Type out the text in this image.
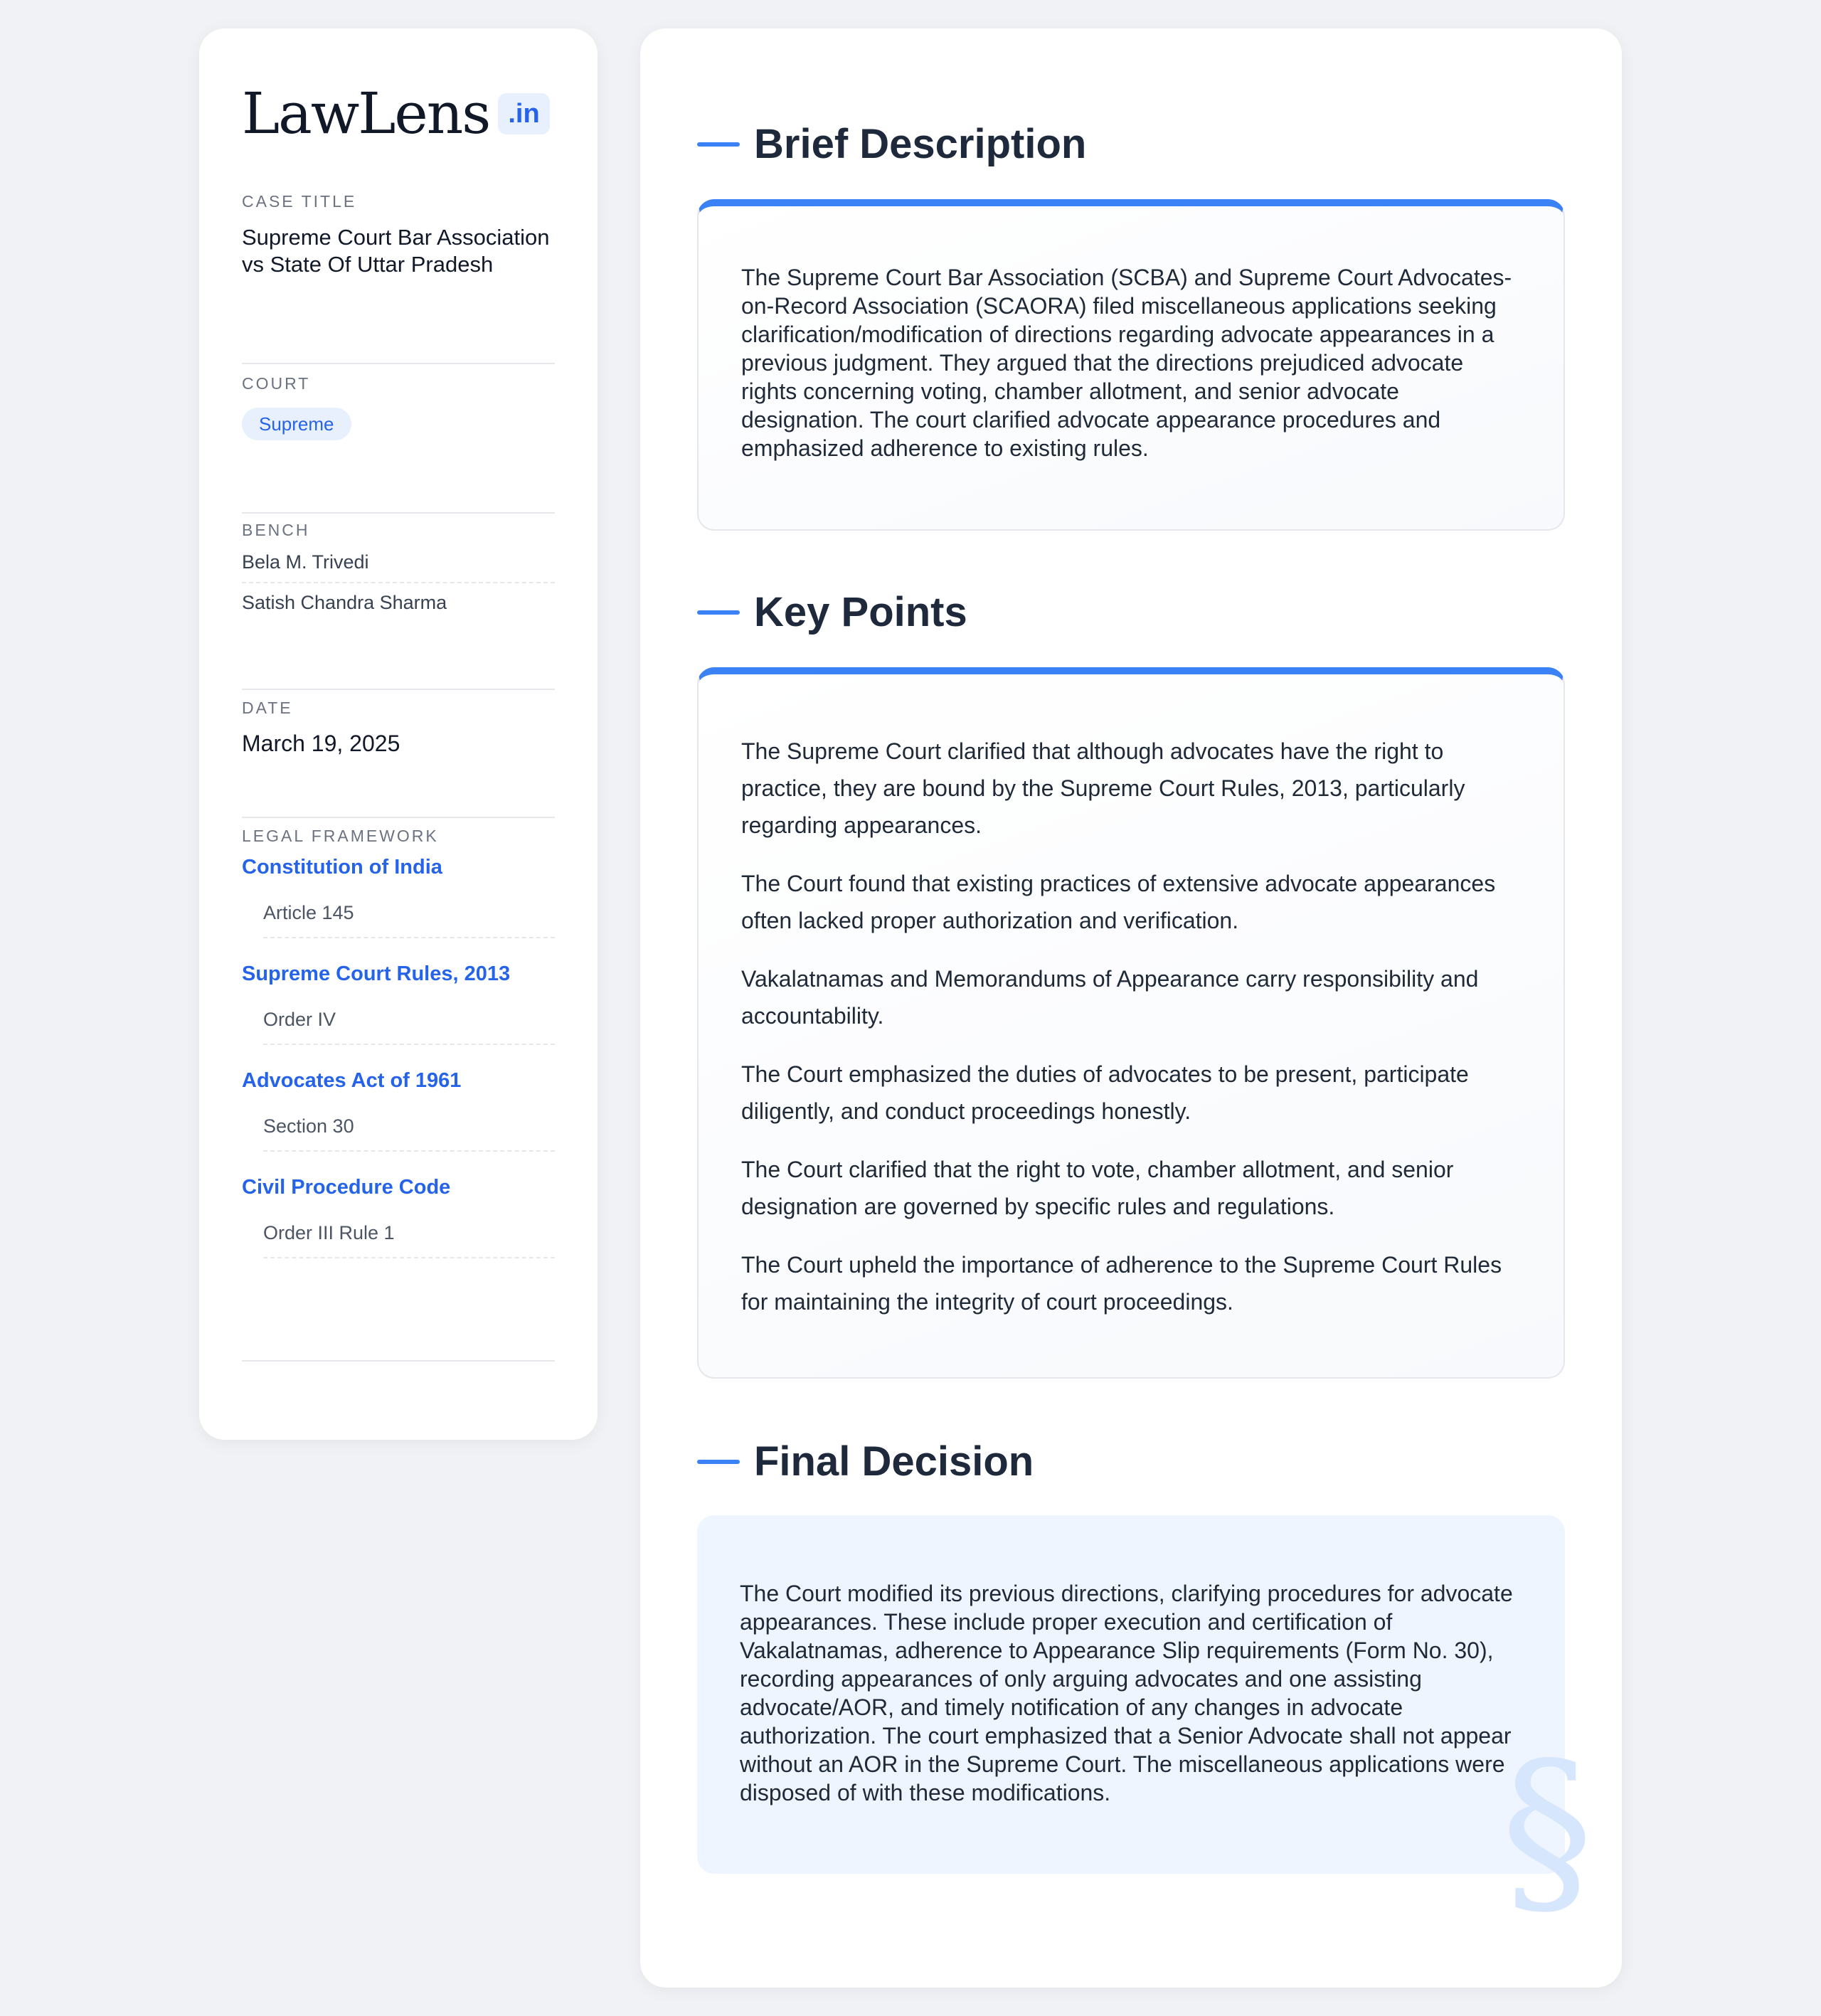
LawLens .in
CASE TITLE
Supreme Court Bar Association vs State Of Uttar Pradesh
COURT
Supreme
BENCH
Bela M. Trivedi
Satish Chandra Sharma
DATE
March 19, 2025
LEGAL FRAMEWORK
Constitution of India
Article 145
Supreme Court Rules, 2013
Order IV
Advocates Act of 1961
Section 30
Civil Procedure Code
Order III Rule 1
Brief Description

The Supreme Court Bar Association (SCBA) and Supreme Court Advocates-on-Record Association (SCAORA) filed miscellaneous applications seeking clarification/modification of directions regarding advocate appearances in a previous judgment. They argued that the directions prejudiced advocate rights concerning voting, chamber allotment, and senior advocate designation. The court clarified advocate appearance procedures and emphasized adherence to existing rules.

Key Points

The Supreme Court clarified that although advocates have the right to practice, they are bound by the Supreme Court Rules, 2013, particularly regarding appearances.

The Court found that existing practices of extensive advocate appearances often lacked proper authorization and verification.

Vakalatnamas and Memorandums of Appearance carry responsibility and accountability.

The Court emphasized the duties of advocates to be present, participate diligently, and conduct proceedings honestly.

The Court clarified that the right to vote, chamber allotment, and senior designation are governed by specific rules and regulations.

The Court upheld the importance of adherence to the Supreme Court Rules for maintaining the integrity of court proceedings.

Final Decision

The Court modified its previous directions, clarifying procedures for advocate appearances. These include proper execution and certification of Vakalatnamas, adherence to Appearance Slip requirements (Form No. 30), recording appearances of only arguing advocates and one assisting advocate/AOR, and timely notification of any changes in advocate authorization. The court emphasized that a Senior Advocate shall not appear without an AOR in the Supreme Court. The miscellaneous applications were disposed of with these modifications.	§
